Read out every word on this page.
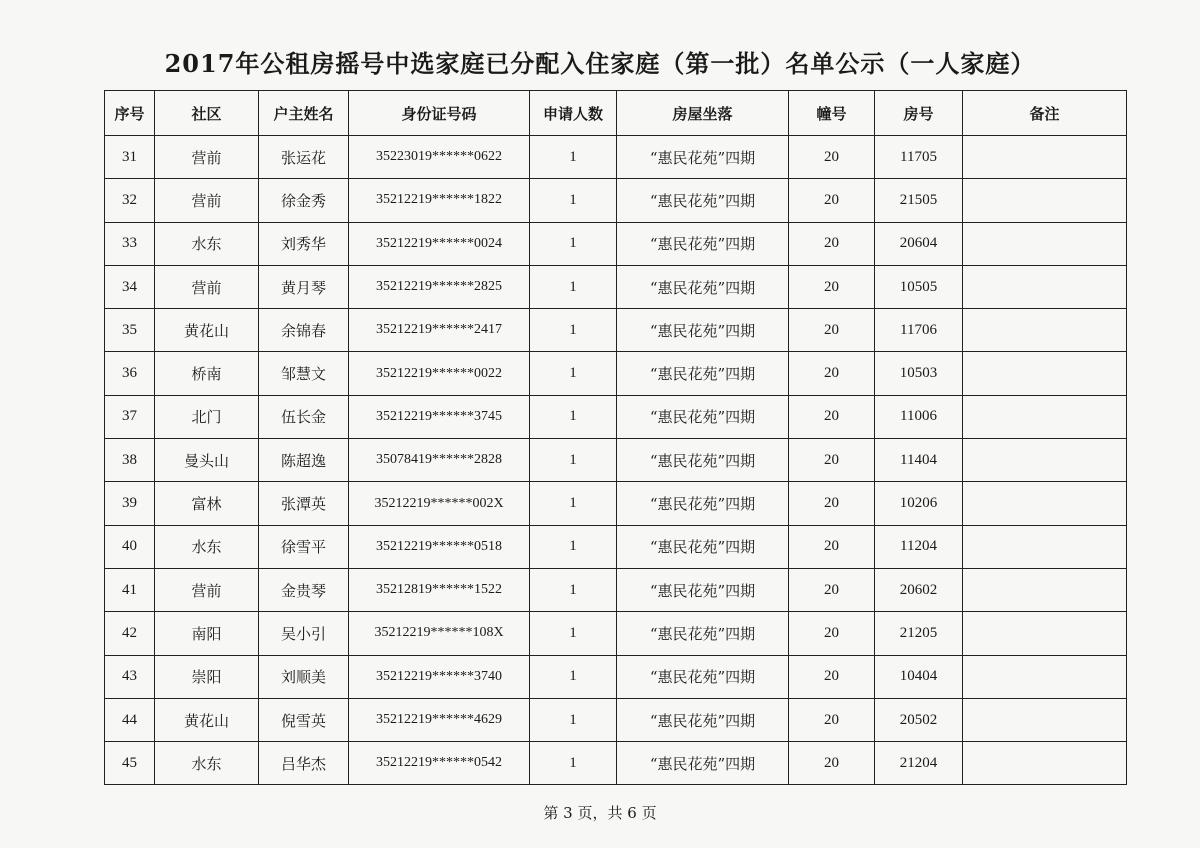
2017年公租房摇号中选家庭已分配入住家庭（第一批）名单公示（一人家庭）
序号	社区	户主姓名	身份证号码	申请人数	房屋坐落	幢号	房号	备注
31	营前	张运花	35223019******0622	1	“惠民花苑”四期	20	11705	
32	营前	徐金秀	35212219******1822	1	“惠民花苑”四期	20	21505	
33	水东	刘秀华	35212219******0024	1	“惠民花苑”四期	20	20604	
34	营前	黄月琴	35212219******2825	1	“惠民花苑”四期	20	10505	
35	黄花山	余锦春	35212219******2417	1	“惠民花苑”四期	20	11706	
36	桥南	邹慧文	35212219******0022	1	“惠民花苑”四期	20	10503	
37	北门	伍长金	35212219******3745	1	“惠民花苑”四期	20	11006	
38	曼头山	陈超逸	35078419******2828	1	“惠民花苑”四期	20	11404	
39	富林	张潭英	35212219******002X	1	“惠民花苑”四期	20	10206	
40	水东	徐雪平	35212219******0518	1	“惠民花苑”四期	20	11204	
41	营前	金贵琴	35212819******1522	1	“惠民花苑”四期	20	20602	
42	南阳	吴小引	35212219******108X	1	“惠民花苑”四期	20	21205	
43	崇阳	刘顺美	35212219******3740	1	“惠民花苑”四期	20	10404	
44	黄花山	倪雪英	35212219******4629	1	“惠民花苑”四期	20	20502	
45	水东	吕华杰	35212219******0542	1	“惠民花苑”四期	20	21204	
第 3 页，共 6 页
